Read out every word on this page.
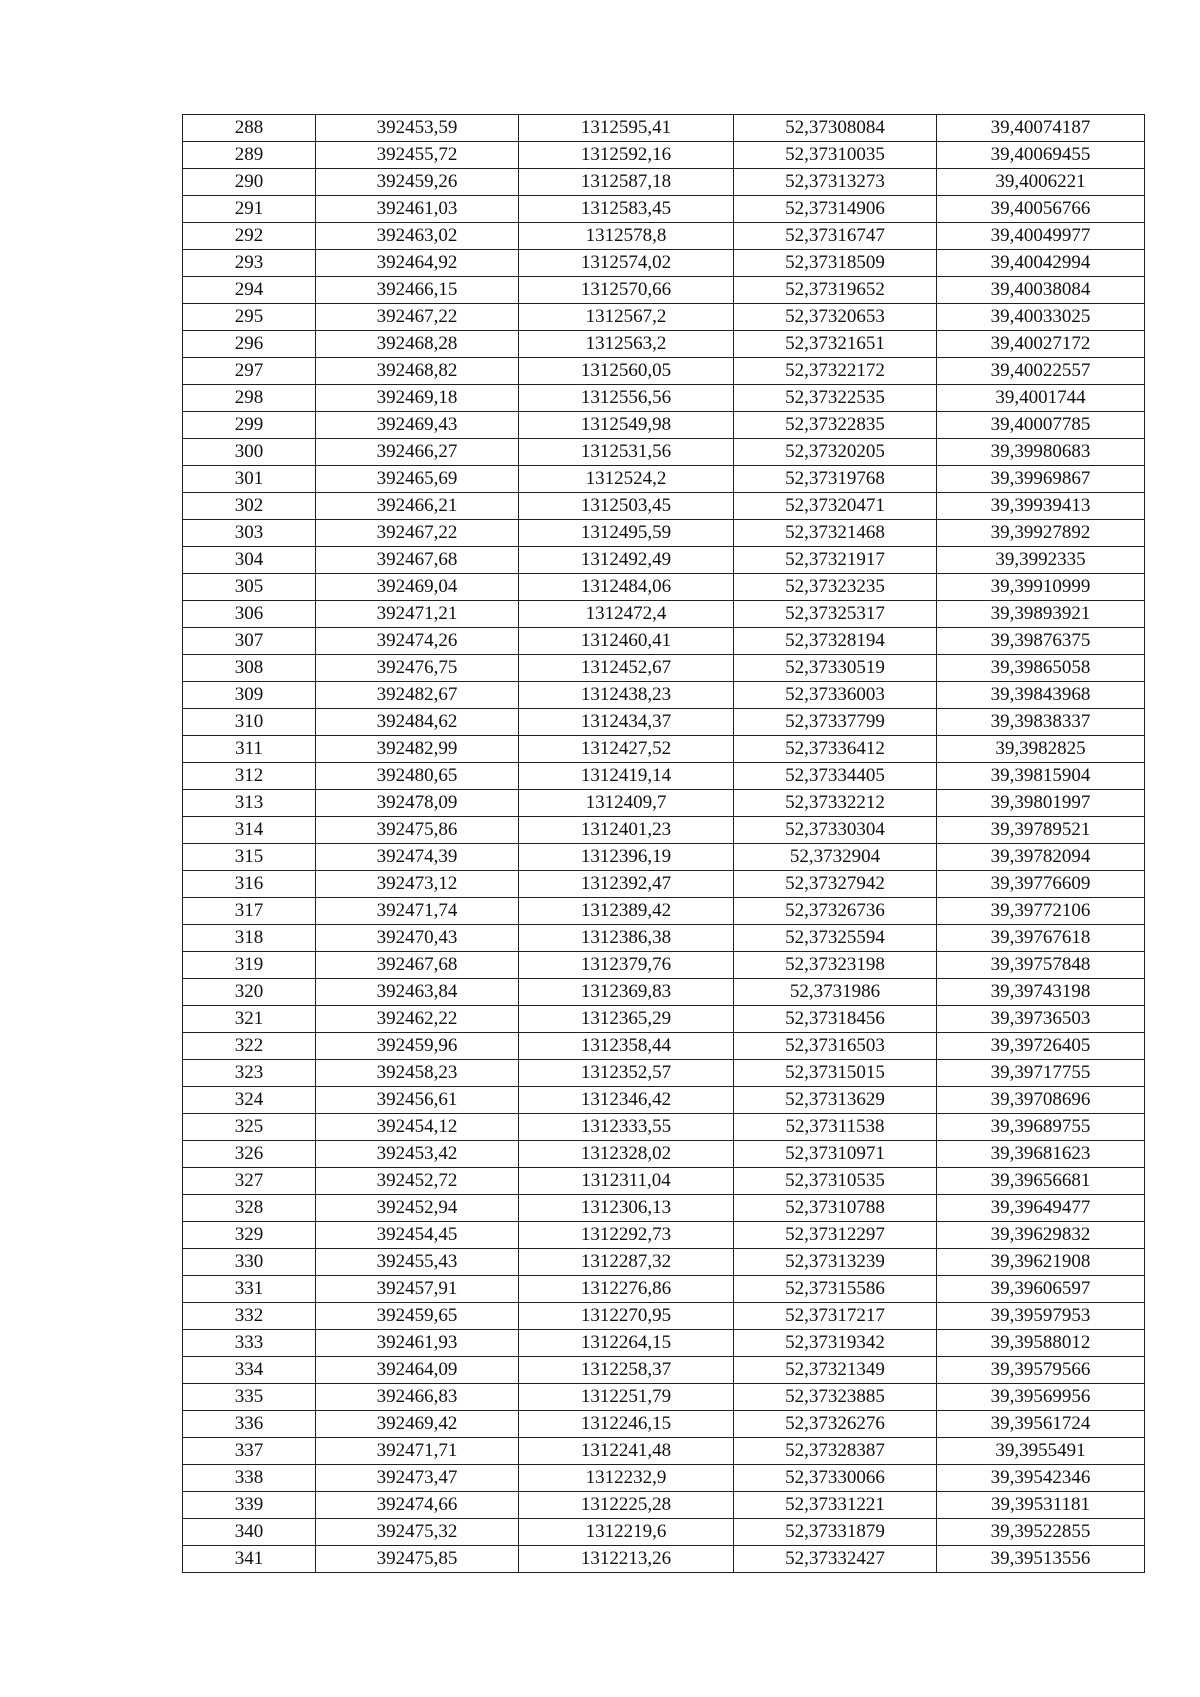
288	392453,59	1312595,41	52,37308084	39,40074187
289	392455,72	1312592,16	52,37310035	39,40069455
290	392459,26	1312587,18	52,37313273	39,4006221
291	392461,03	1312583,45	52,37314906	39,40056766
292	392463,02	1312578,8	52,37316747	39,40049977
293	392464,92	1312574,02	52,37318509	39,40042994
294	392466,15	1312570,66	52,37319652	39,40038084
295	392467,22	1312567,2	52,37320653	39,40033025
296	392468,28	1312563,2	52,37321651	39,40027172
297	392468,82	1312560,05	52,37322172	39,40022557
298	392469,18	1312556,56	52,37322535	39,4001744
299	392469,43	1312549,98	52,37322835	39,40007785
300	392466,27	1312531,56	52,37320205	39,39980683
301	392465,69	1312524,2	52,37319768	39,39969867
302	392466,21	1312503,45	52,37320471	39,39939413
303	392467,22	1312495,59	52,37321468	39,39927892
304	392467,68	1312492,49	52,37321917	39,3992335
305	392469,04	1312484,06	52,37323235	39,39910999
306	392471,21	1312472,4	52,37325317	39,39893921
307	392474,26	1312460,41	52,37328194	39,39876375
308	392476,75	1312452,67	52,37330519	39,39865058
309	392482,67	1312438,23	52,37336003	39,39843968
310	392484,62	1312434,37	52,37337799	39,39838337
311	392482,99	1312427,52	52,37336412	39,3982825
312	392480,65	1312419,14	52,37334405	39,39815904
313	392478,09	1312409,7	52,37332212	39,39801997
314	392475,86	1312401,23	52,37330304	39,39789521
315	392474,39	1312396,19	52,3732904	39,39782094
316	392473,12	1312392,47	52,37327942	39,39776609
317	392471,74	1312389,42	52,37326736	39,39772106
318	392470,43	1312386,38	52,37325594	39,39767618
319	392467,68	1312379,76	52,37323198	39,39757848
320	392463,84	1312369,83	52,3731986	39,39743198
321	392462,22	1312365,29	52,37318456	39,39736503
322	392459,96	1312358,44	52,37316503	39,39726405
323	392458,23	1312352,57	52,37315015	39,39717755
324	392456,61	1312346,42	52,37313629	39,39708696
325	392454,12	1312333,55	52,37311538	39,39689755
326	392453,42	1312328,02	52,37310971	39,39681623
327	392452,72	1312311,04	52,37310535	39,39656681
328	392452,94	1312306,13	52,37310788	39,39649477
329	392454,45	1312292,73	52,37312297	39,39629832
330	392455,43	1312287,32	52,37313239	39,39621908
331	392457,91	1312276,86	52,37315586	39,39606597
332	392459,65	1312270,95	52,37317217	39,39597953
333	392461,93	1312264,15	52,37319342	39,39588012
334	392464,09	1312258,37	52,37321349	39,39579566
335	392466,83	1312251,79	52,37323885	39,39569956
336	392469,42	1312246,15	52,37326276	39,39561724
337	392471,71	1312241,48	52,37328387	39,3955491
338	392473,47	1312232,9	52,37330066	39,39542346
339	392474,66	1312225,28	52,37331221	39,39531181
340	392475,32	1312219,6	52,37331879	39,39522855
341	392475,85	1312213,26	52,37332427	39,39513556
